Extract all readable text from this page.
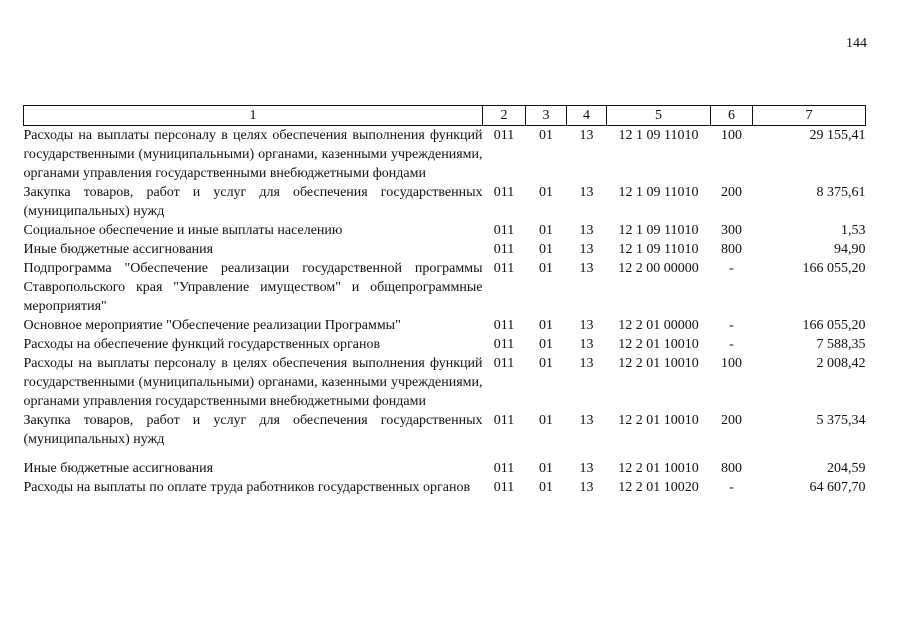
144
1	2	3	4	5	6	7
Расходы на выплаты персоналу в целях обеспечения выполнения функций государственными (муниципальными) органами, казенными учреждениями, органами управления государственными внебюджетными фондами	011	01	13	12 1 09 11010	100	29 155,41
Закупка товаров, работ и услуг для обеспечения государственных (муниципальных) нужд	011	01	13	12 1 09 11010	200	8 375,61
Социальное обеспечение и иные выплаты населению	011	01	13	12 1 09 11010	300	1,53
Иные бюджетные ассигнования	011	01	13	12 1 09 11010	800	94,90
Подпрограмма "Обеспечение реализации государственной программы Ставропольского края "Управление имуществом" и общепрограммные мероприятия"	011	01	13	12 2 00 00000	-	166 055,20
Основное мероприятие "Обеспечение реализации Программы"	011	01	13	12 2 01 00000	-	166 055,20
Расходы на обеспечение функций государственных органов	011	01	13	12 2 01 10010	-	7 588,35
Расходы на выплаты персоналу в целях обеспечения выполнения функций государственными (муниципальными) органами, казенными учреждениями, органами управления государственными внебюджетными фондами	011	01	13	12 2 01 10010	100	2 008,42
Закупка товаров, работ и услуг для обеспечения государственных (муниципальных) нужд	011	01	13	12 2 01 10010	200	5 375,34
Иные бюджетные ассигнования	011	01	13	12 2 01 10010	800	204,59
Расходы на выплаты по оплате труда работников государственных органов	011	01	13	12 2 01 10020	-	64 607,70
